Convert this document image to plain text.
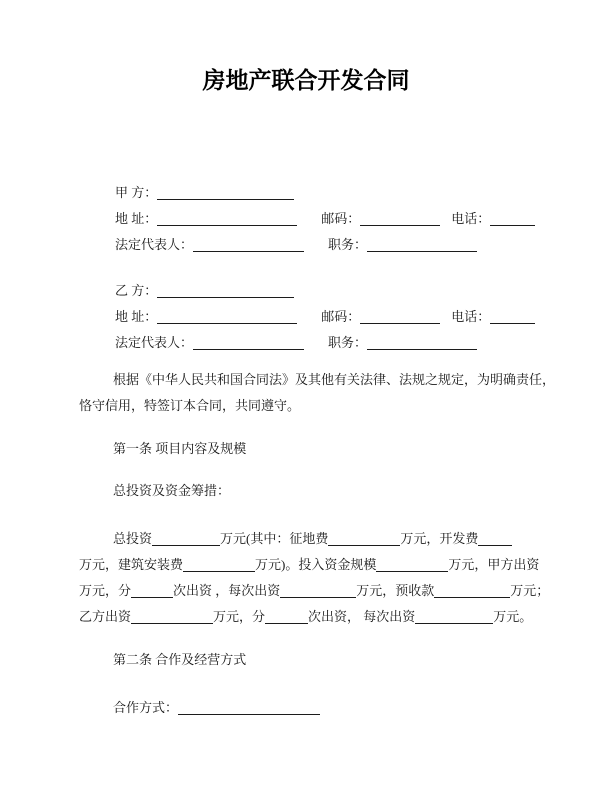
房地产联合开发合同
甲 方：
地 址：	邮码：	电话：
法定代表人：	职务：
乙 方：
地 址：	邮码：	电话：
法定代表人：	职务：
根据《中华人民共和国合同法》及其他有关法律、法规之规定，为明确责任，
恪守信用，特签订本合同，共同遵守。
第一条 项目内容及规模
总投资及资金筹措：
总投资	万元(其中：征地费	万元，开发费
万元，建筑安装费	万元)。投入资金规模	万元，甲方出资
万元，分	次出资 ，每次出资	万元，预收款	万元；
乙方出资	万元，分	次出资， 每次出资	万元。
第二条 合作及经营方式
合作方式：
